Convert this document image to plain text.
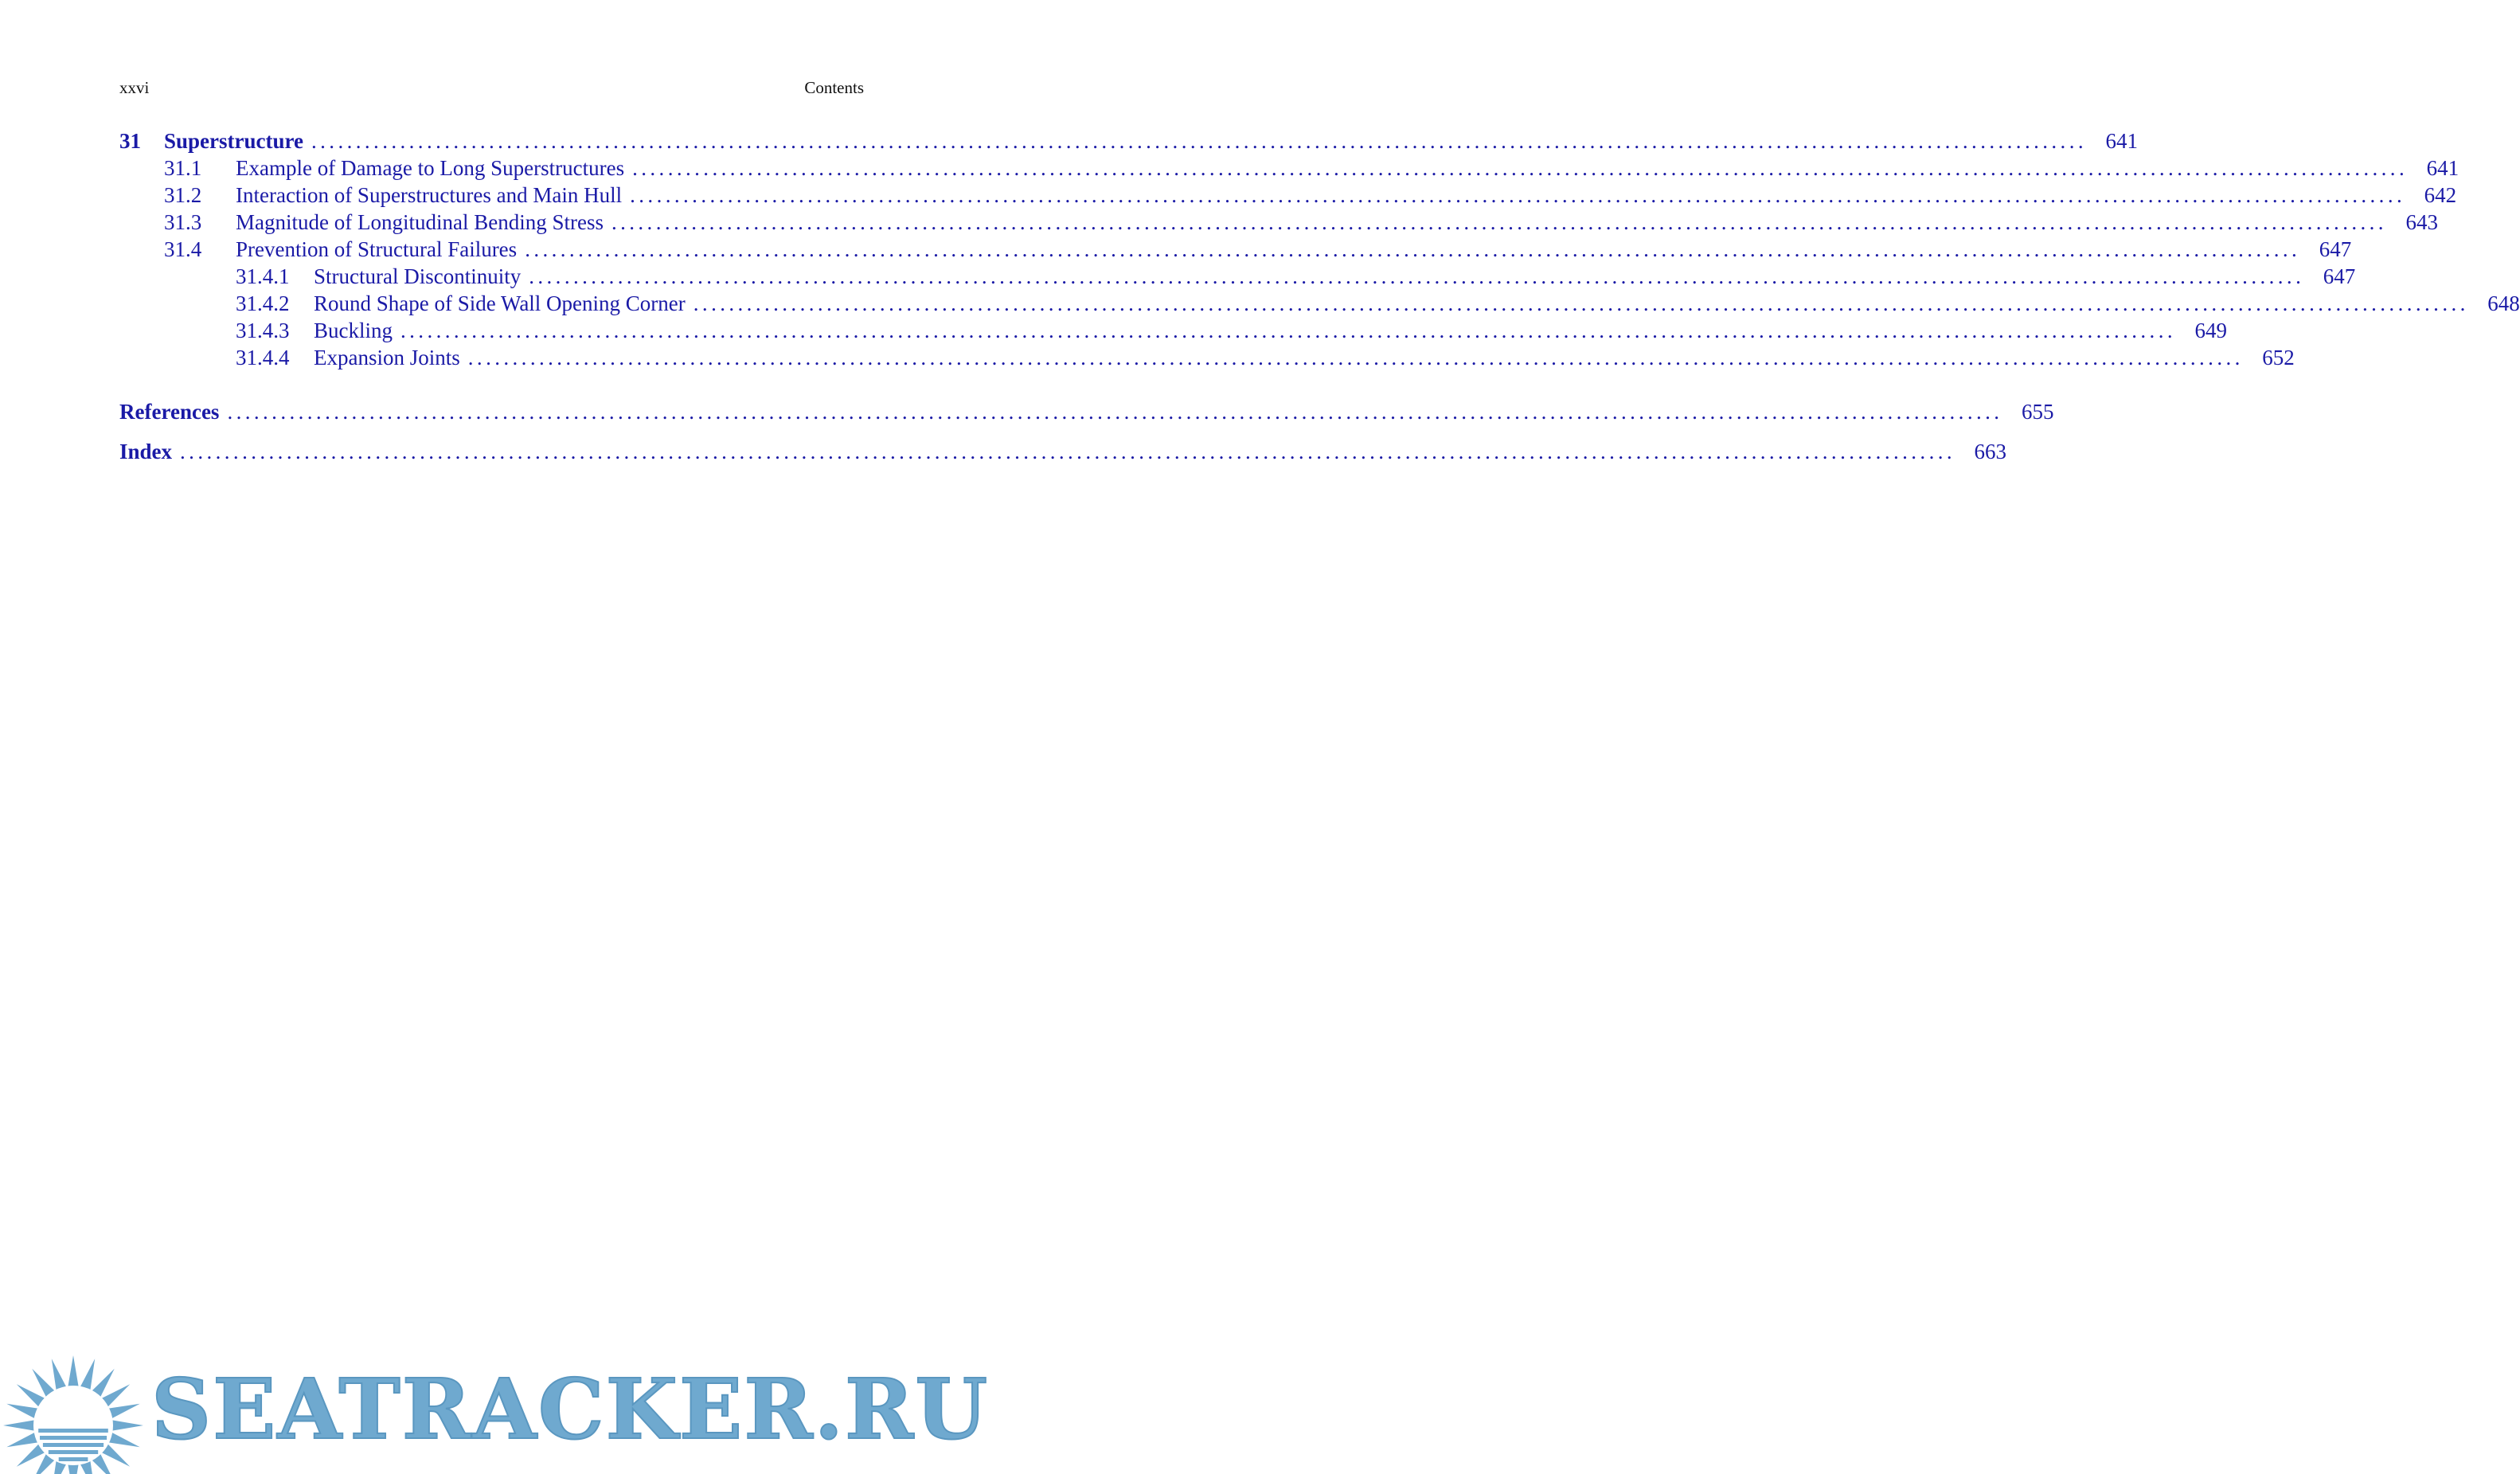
xxvi	Contents
31	Superstructure ........................................................................................................................................................................................................ 641
31.1	Example of Damage to Long Superstructures ........................................................................................................................................................................................................ 641
31.2	Interaction of Superstructures and Main Hull ........................................................................................................................................................................................................ 642
31.3	Magnitude of Longitudinal Bending Stress ........................................................................................................................................................................................................ 643
31.4	Prevention of Structural Failures ........................................................................................................................................................................................................ 647
31.4.1	Structural Discontinuity ........................................................................................................................................................................................................ 647
31.4.2	Round Shape of Side Wall Opening Corner ........................................................................................................................................................................................................ 648
31.4.3	Buckling ........................................................................................................................................................................................................ 649
31.4.4	Expansion Joints ........................................................................................................................................................................................................ 652
References ........................................................................................................................................................................................................ 655
Index ........................................................................................................................................................................................................ 663
SEATRACKER.RU
